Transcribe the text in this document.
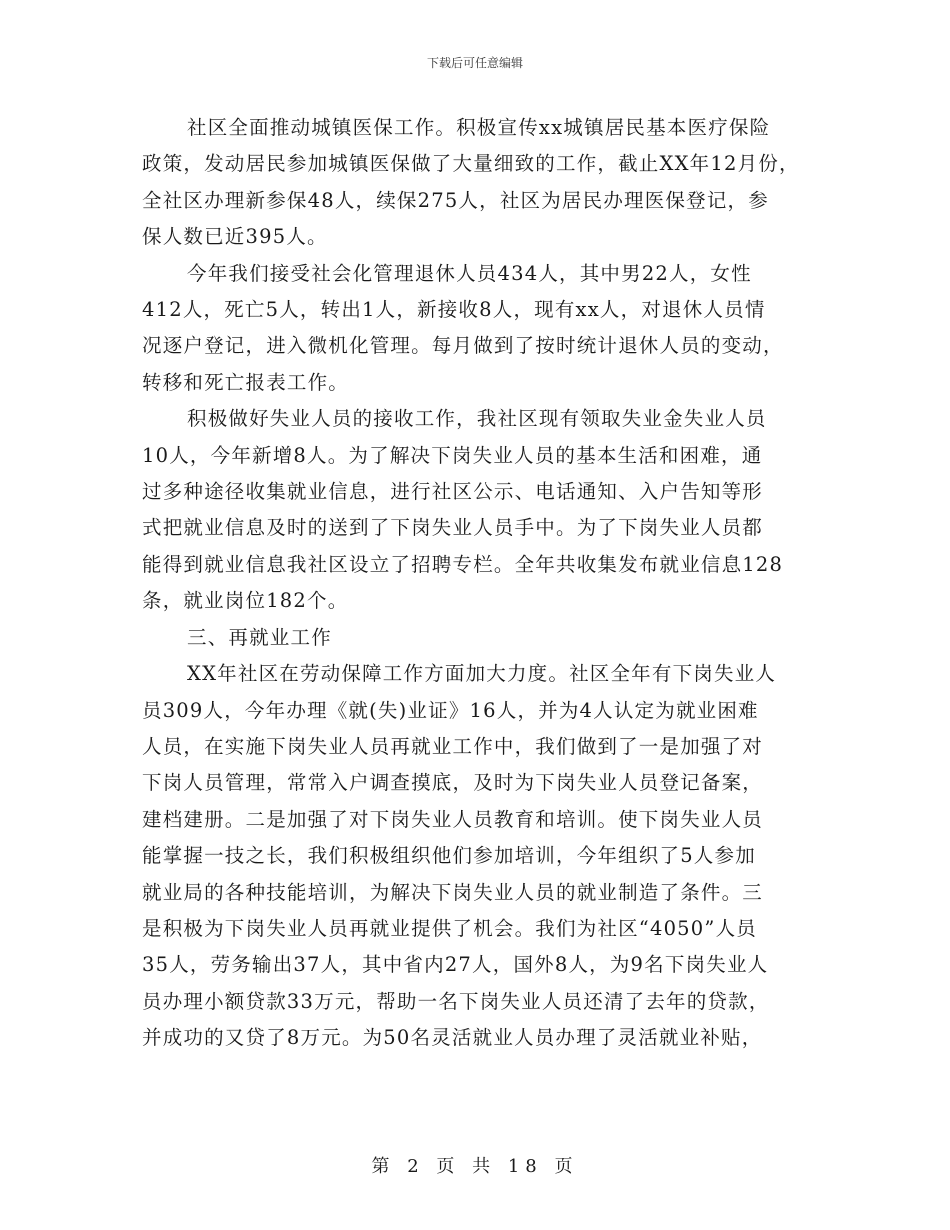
下载后可任意编辑
社区全面推动城镇医保工作。积极宣传xx城镇居民基本医疗保险
政策，发动居民参加城镇医保做了大量细致的工作，截止XX年12月份，
全社区办理新参保48人，续保275人，社区为居民办理医保登记，参
保人数已近395人。
今年我们接受社会化管理退休人员434人，其中男22人，女性
412人，死亡5人，转出1人，新接收8人，现有xx人，对退休人员情
况逐户登记，进入微机化管理。每月做到了按时统计退休人员的变动，
转移和死亡报表工作。
积极做好失业人员的接收工作，我社区现有领取失业金失业人员
10人，今年新增8人。为了解决下岗失业人员的基本生活和困难，通
过多种途径收集就业信息，进行社区公示、电话通知、入户告知等形
式把就业信息及时的送到了下岗失业人员手中。为了下岗失业人员都
能得到就业信息我社区设立了招聘专栏。全年共收集发布就业信息128
条，就业岗位182个。
三、再就业工作
XX年社区在劳动保障工作方面加大力度。社区全年有下岗失业人
员309人，今年办理《就(失)业证》16人，并为4人认定为就业困难
人员，在实施下岗失业人员再就业工作中，我们做到了一是加强了对
下岗人员管理，常常入户调查摸底，及时为下岗失业人员登记备案，
建档建册。二是加强了对下岗失业人员教育和培训。使下岗失业人员
能掌握一技之长，我们积极组织他们参加培训，今年组织了5人参加
就业局的各种技能培训，为解决下岗失业人员的就业制造了条件。三
是积极为下岗失业人员再就业提供了机会。我们为社区“4050”人员
35人，劳务输出37人，其中省内27人，国外8人，为9名下岗失业人
员办理小额贷款33万元，帮助一名下岗失业人员还清了去年的贷款，
并成功的又贷了8万元。为50名灵活就业人员办理了灵活就业补贴，
第 2 页 共 18 页
